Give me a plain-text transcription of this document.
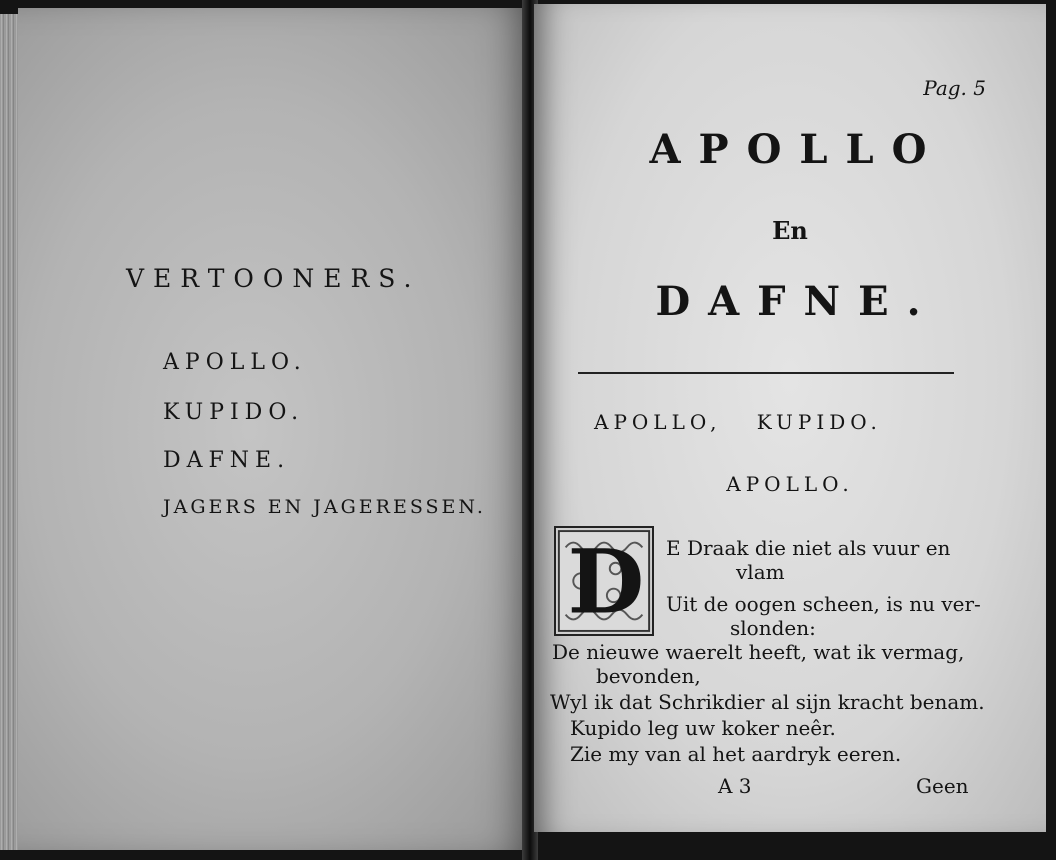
VERTOONERS.
APOLLO.
KUPIDO.
DAFNE.
JAGERS EN JAGERESSEN.
Pag. 5
APOLLO
En
DAFNE.
APOLLO, KUPIDO.
APOLLO.
D E Draak die niet als vuur en
vlam
Uit de oogen scheen, is nu ver-
slonden:
De nieuwe waerelt heeft, wat ik vermag,
bevonden,
Wyl ik dat Schrikdier al sijn kracht benam.
Kupido leg uw koker neêr.
Zie my van al het aardryk eeren.
A 3	Geen
